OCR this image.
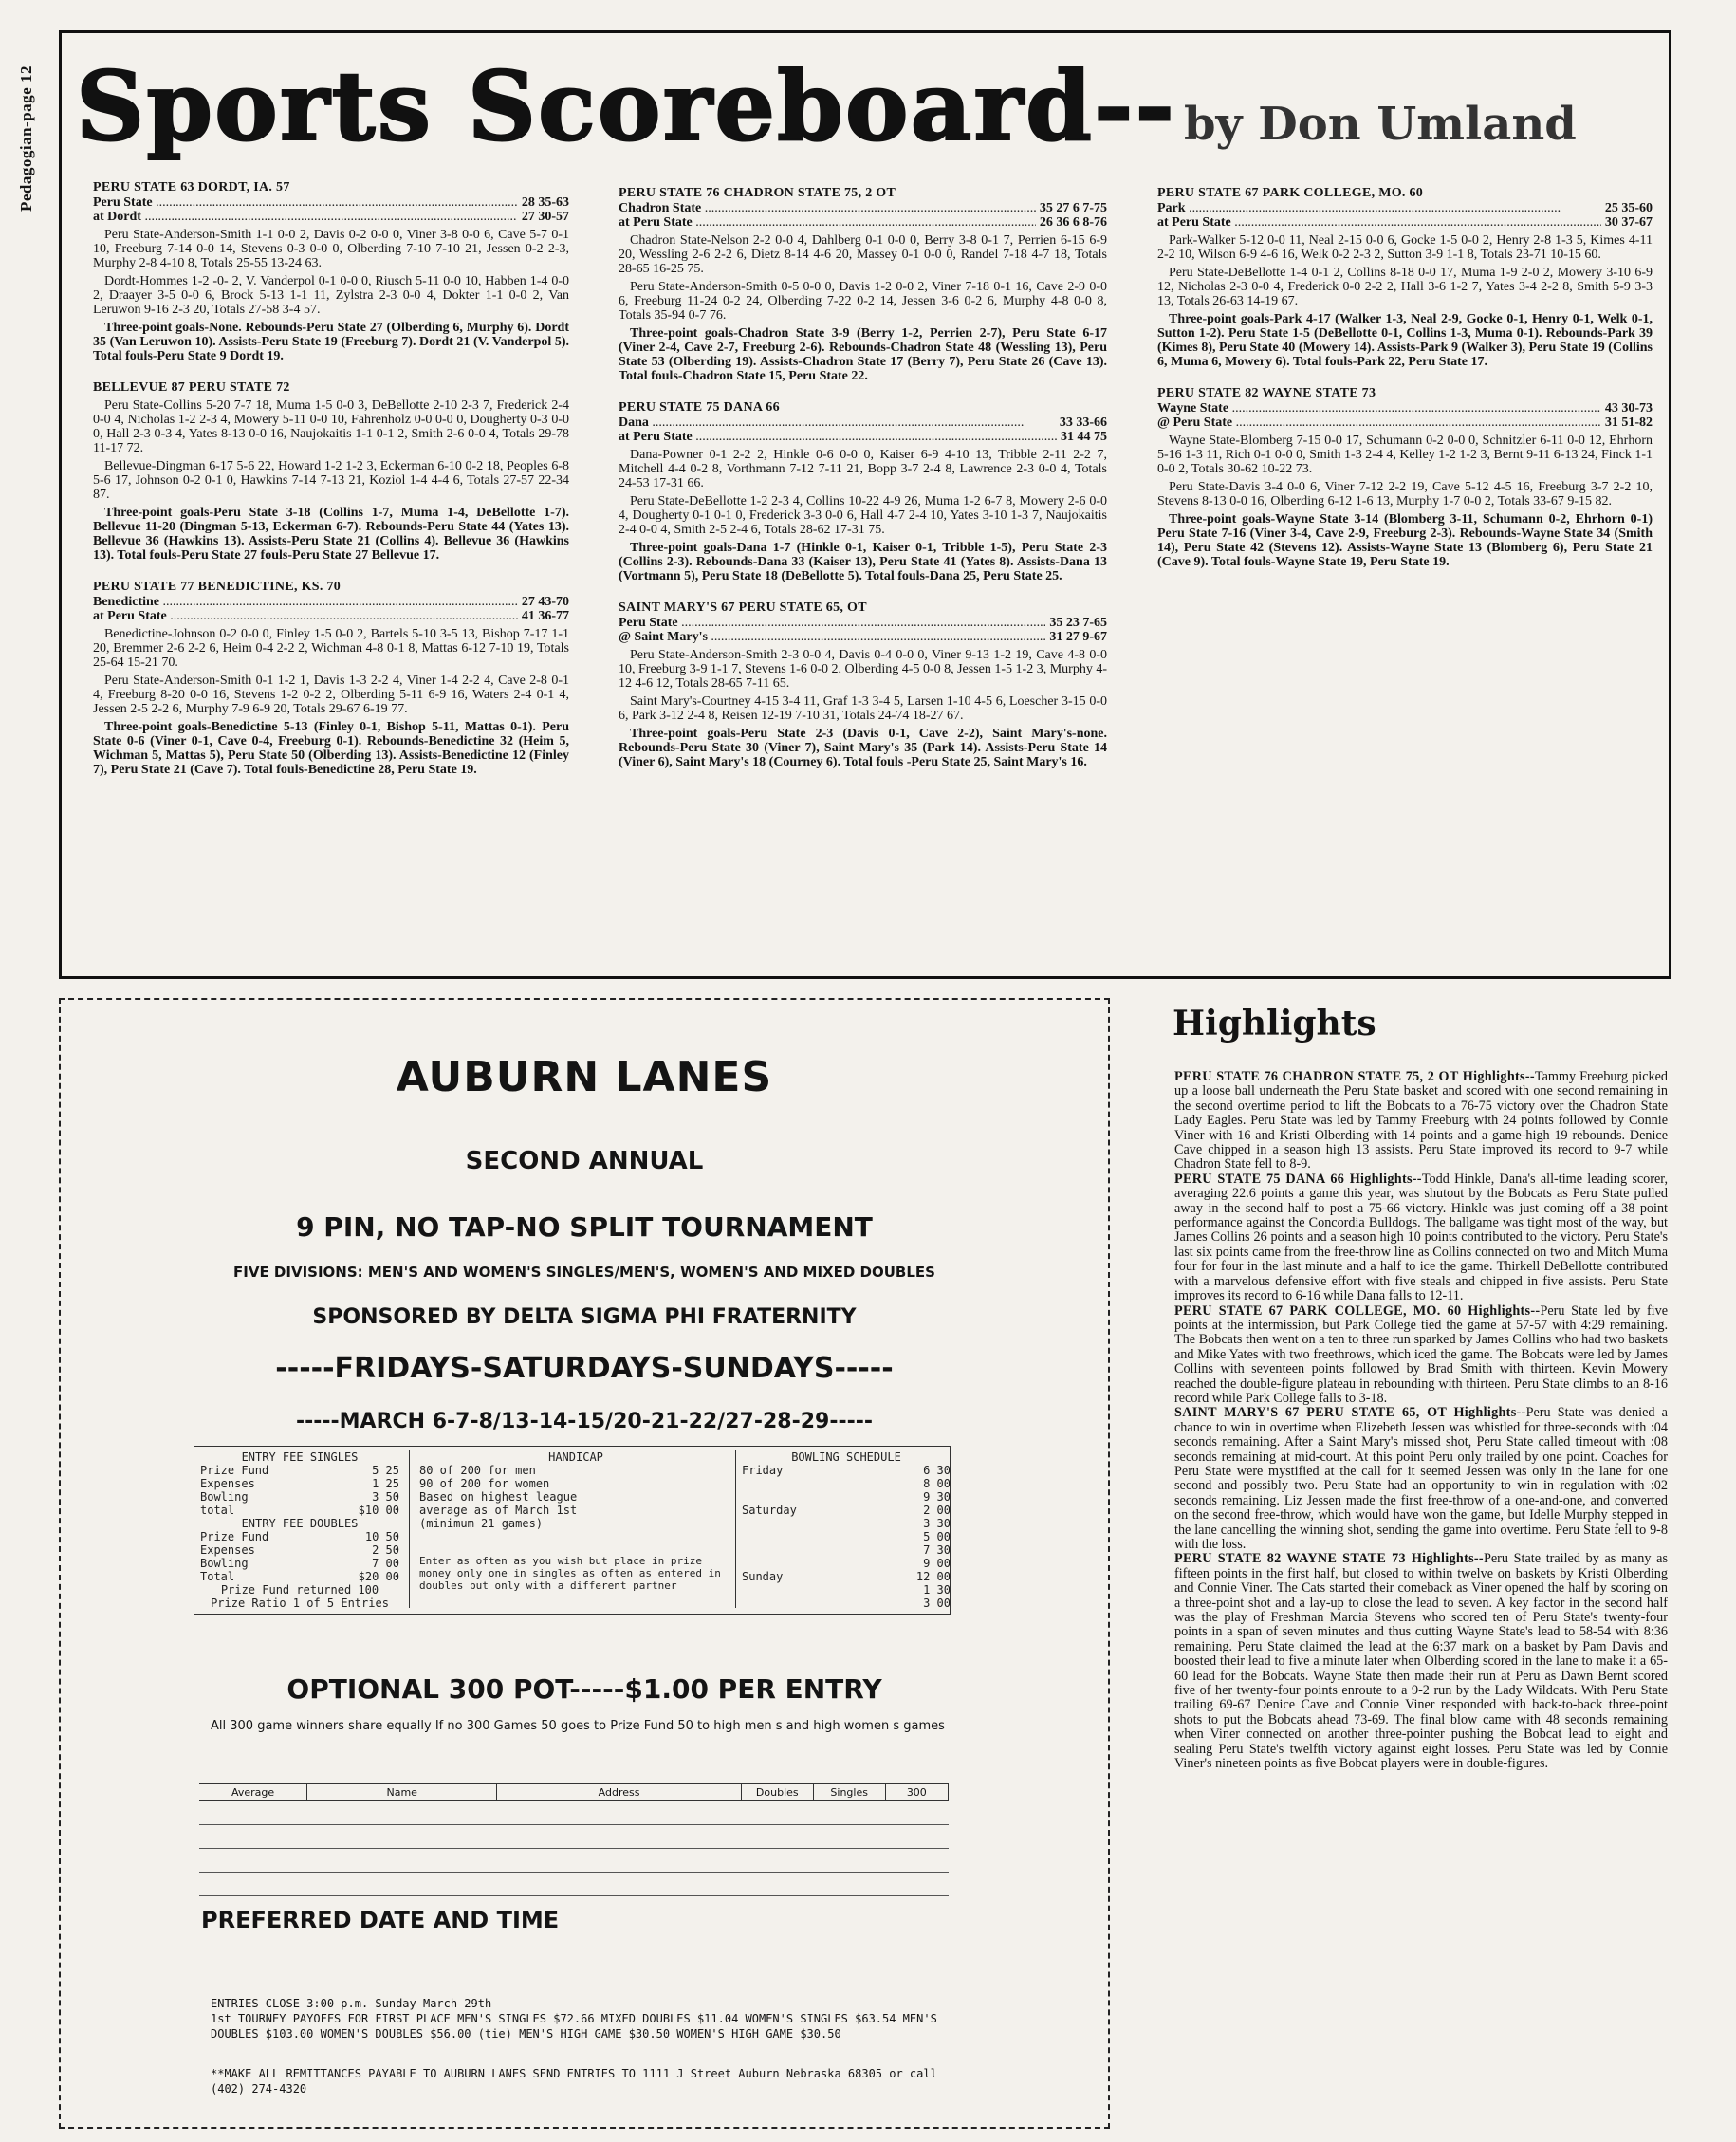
Pedagogian-page 12 Sports Scoreboard-- by Don Umland
PERU STATE 63 DORDT, IA. 57
Peru State .....	28 35-63
at Dordt .....	27 30-57

Peru State-Anderson-Smith 1-1 0-0 2, Davis 0-2 0-0 0, Viner 3-8 0-0 6, Cave 5-7 0-1 10, Freeburg 7-14 0-0 14, Stevens 0-3 0-0 0, Olberding 7-10 7-10 21, Jessen 0-2 2-3, Murphy 2-8 4-10 8, Totals 25-55 13-24 63.

Dordt-Hommes 1-2 -0- 2, V. Vanderpol 0-1 0-0 0, Riusch 5-11 0-0 10, Habben 1-4 0-0 2, Draayer 3-5 0-0 6, Brock 5-13 1-1 11, Zylstra 2-3 0-0 4, Dokter 1-1 0-0 2, Van Leruwon 9-16 2-3 20, Totals 27-58 3-4 57.

Three-point goals-None. Rebounds-Peru State 27 (Olberding 6, Murphy 6). Dordt 35 (Van Leruwon 10). Assists-Peru State 19 (Freeburg 7). Dordt 21 (V. Vanderpol 5). Total fouls-Peru State 9 Dordt 19.

BELLEVUE 87 PERU STATE 72

Peru State-Collins 5-20 7-7 18, Muma 1-5 0-0 3, DeBellotte 2-10 2-3 7, Frederick 2-4 0-0 4, Nicholas 1-2 2-3 4, Mowery 5-11 0-0 10, Fahrenholz 0-0 0-0 0, Dougherty 0-3 0-0 0, Hall 2-3 0-3 4, Yates 8-13 0-0 16, Naujokaitis 1-1 0-1 2, Smith 2-6 0-0 4, Totals 29-78 11-17 72.

Bellevue-Dingman 6-17 5-6 22, Howard 1-2 1-2 3, Eckerman 6-10 0-2 18, Peoples 6-8 5-6 17, Johnson 0-2 0-1 0, Hawkins 7-14 7-13 21, Koziol 1-4 4-4 6, Totals 27-57 22-34 87.

Three-point goals-Peru State 3-18 (Collins 1-7, Muma 1-4, DeBellotte 1-7). Bellevue 11-20 (Dingman 5-13, Eckerman 6-7). Rebounds-Peru State 44 (Yates 13). Bellevue 36 (Hawkins 13). Assists-Peru State 21 (Collins 4). Bellevue 36 (Hawkins 13). Total fouls-Peru State 27 fouls-Peru State 27 Bellevue 17.

PERU STATE 77 BENEDICTINE, KS. 70
Benedictine .....	27 43-70
at Peru State .....	41 36-77

Benedictine-Johnson 0-2 0-0 0, Finley 1-5 0-0 2, Bartels 5-10 3-5 13, Bishop 7-17 1-1 20, Bremmer 2-6 2-2 6, Heim 0-4 2-2 2, Wichman 4-8 0-1 8, Mattas 6-12 7-10 19, Totals 25-64 15-21 70.

Peru State-Anderson-Smith 0-1 1-2 1, Davis 1-3 2-2 4, Viner 1-4 2-2 4, Cave 2-8 0-1 4, Freeburg 8-20 0-0 16, Stevens 1-2 0-2 2, Olberding 5-11 6-9 16, Waters 2-4 0-1 4, Jessen 2-5 2-2 6, Murphy 7-9 6-9 20, Totals 29-67 6-19 77.

Three-point goals-Benedictine 5-13 (Finley 0-1, Bishop 5-11, Mattas 0-1). Peru State 0-6 (Viner 0-1, Cave 0-4, Freeburg 0-1). Rebounds-Benedictine 32 (Heim 5, Wichman 5, Mattas 5), Peru State 50 (Olberding 13). Assists-Benedictine 12 (Finley 7), Peru State 21 (Cave 7). Total fouls-Benedictine 28, Peru State 19.

PERU STATE 76 CHADRON STATE 75, 2 OT
Chadron State .....	35 27 6 7-75
at Peru State .....	26 36 6 8-76

Chadron State-Nelson 2-2 0-0 4, Dahlberg 0-1 0-0 0, Berry 3-8 0-1 7, Perrien 6-15 6-9 20, Wessling 2-6 2-2 6, Dietz 8-14 4-6 20, Massey 0-1 0-0 0, Randel 7-18 4-7 18, Totals 28-65 16-25 75.

Peru State-Anderson-Smith 0-5 0-0 0, Davis 1-2 0-0 2, Viner 7-18 0-1 16, Cave 2-9 0-0 6, Freeburg 11-24 0-2 24, Olberding 7-22 0-2 14, Jessen 3-6 0-2 6, Murphy 4-8 0-0 8, Totals 35-94 0-7 76.

Three-point goals-Chadron State 3-9 (Berry 1-2, Perrien 2-7), Peru State 6-17 (Viner 2-4, Cave 2-7, Freeburg 2-6). Rebounds-Chadron State 48 (Wessling 13), Peru State 53 (Olberding 19). Assists-Chadron State 17 (Berry 7), Peru State 26 (Cave 13). Total fouls-Chadron State 15, Peru State 22.

PERU STATE 75 DANA 66
Dana .....	33 33-66
at Peru State .....	31 44 75

Dana-Powner 0-1 2-2 2, Hinkle 0-6 0-0 0, Kaiser 6-9 4-10 13, Tribble 2-11 2-2 7, Mitchell 4-4 0-2 8, Vorthmann 7-12 7-11 21, Bopp 3-7 2-4 8, Lawrence 2-3 0-0 4, Totals 24-53 17-31 66.

Peru State-DeBellotte 1-2 2-3 4, Collins 10-22 4-9 26, Muma 1-2 6-7 8, Mowery 2-6 0-0 4, Dougherty 0-1 0-1 0, Frederick 3-3 0-0 6, Hall 4-7 2-4 10, Yates 3-10 1-3 7, Naujokaitis 2-4 0-0 4, Smith 2-5 2-4 6, Totals 28-62 17-31 75.

Three-point goals-Dana 1-7 (Hinkle 0-1, Kaiser 0-1, Tribble 1-5), Peru State 2-3 (Collins 2-3). Rebounds-Dana 33 (Kaiser 13), Peru State 41 (Yates 8). Assists-Dana 13 (Vortmann 5), Peru State 18 (DeBellotte 5). Total fouls-Dana 25, Peru State 25.

SAINT MARY'S 67 PERU STATE 65, OT
Peru State .....	35 23 7-65
@ Saint Mary's .....	31 27 9-67

Peru State-Anderson-Smith 2-3 0-0 4, Davis 0-4 0-0 0, Viner 9-13 1-2 19, Cave 4-8 0-0 10, Freeburg 3-9 1-1 7, Stevens 1-6 0-0 2, Olberding 4-5 0-0 8, Jessen 1-5 1-2 3, Murphy 4-12 4-6 12, Totals 28-65 7-11 65.

Saint Mary's-Courtney 4-15 3-4 11, Graf 1-3 3-4 5, Larsen 1-10 4-5 6, Loescher 3-15 0-0 6, Park 3-12 2-4 8, Reisen 12-19 7-10 31, Totals 24-74 18-27 67.

Three-point goals-Peru State 2-3 (Davis 0-1, Cave 2-2), Saint Mary's-none. Rebounds-Peru State 30 (Viner 7), Saint Mary's 35 (Park 14). Assists-Peru State 14 (Viner 6), Saint Mary's 18 (Courney 6). Total fouls -Peru State 25, Saint Mary's 16.

PERU STATE 67 PARK COLLEGE, MO. 60
Park .....	25 35-60
at Peru State .....	30 37-67

Park-Walker 5-12 0-0 11, Neal 2-15 0-0 6, Gocke 1-5 0-0 2, Henry 2-8 1-3 5, Kimes 4-11 2-2 10, Wilson 6-9 4-6 16, Welk 0-2 2-3 2, Sutton 3-9 1-1 8, Totals 23-71 10-15 60.

Peru State-DeBellotte 1-4 0-1 2, Collins 8-18 0-0 17, Muma 1-9 2-0 2, Mowery 3-10 6-9 12, Nicholas 2-3 0-0 4, Frederick 0-0 2-2 2, Hall 3-6 1-2 7, Yates 3-4 2-2 8, Smith 5-9 3-3 13, Totals 26-63 14-19 67.

Three-point goals-Park 4-17 (Walker 1-3, Neal 2-9, Gocke 0-1, Henry 0-1, Welk 0-1, Sutton 1-2). Peru State 1-5 (DeBellotte 0-1, Collins 1-3, Muma 0-1). Rebounds-Park 39 (Kimes 8), Peru State 40 (Mowery 14). Assists-Park 9 (Walker 3), Peru State 19 (Collins 6, Muma 6, Mowery 6). Total fouls-Park 22, Peru State 17.

PERU STATE 82 WAYNE STATE 73
Wayne State .....	43 30-73
@ Peru State .....	31 51-82

Wayne State-Blomberg 7-15 0-0 17, Schumann 0-2 0-0 0, Schnitzler 6-11 0-0 12, Ehrhorn 5-16 1-3 11, Rich 0-1 0-0 0, Smith 1-3 2-4 4, Kelley 1-2 1-2 3, Bernt 9-11 6-13 24, Finck 1-1 0-0 2, Totals 30-62 10-22 73.

Peru State-Davis 3-4 0-0 6, Viner 7-12 2-2 19, Cave 5-12 4-5 16, Freeburg 3-7 2-2 10, Stevens 8-13 0-0 16, Olberding 6-12 1-6 13, Murphy 1-7 0-0 2, Totals 33-67 9-15 82.

Three-point goals-Wayne State 3-14 (Blomberg 3-11, Schumann 0-2, Ehrhorn 0-1) Peru State 7-16 (Viner 3-4, Cave 2-9, Freeburg 2-3). Rebounds-Wayne State 34 (Smith 14), Peru State 42 (Stevens 12). Assists-Wayne State 13 (Blomberg 6), Peru State 21 (Cave 9). Total fouls-Wayne State 19, Peru State 19.

AUBURN LANES
SECOND ANNUAL
9 PIN, NO TAP-NO SPLIT TOURNAMENT
FIVE DIVISIONS: MEN'S AND WOMEN'S SINGLES/MEN'S, WOMEN'S AND MIXED DOUBLES
SPONSORED BY DELTA SIGMA PHI FRATERNITY
-----FRIDAYS-SATURDAYS-SUNDAYS-----
-----MARCH 6-7-8/13-14-15/20-21-22/27-28-29-----
ENTRY FEE SINGLES
Prize Fund	5 25
Expenses	1 25
Bowling	3 50
total	$10 00
ENTRY FEE DOUBLES
Prize Fund	10 50
Expenses	2 50
Bowling	7 00
Total	$20 00
Prize Fund returned 100
Prize Ratio 1 of 5 Entries
HANDICAP
80 of 200 for men
90 of 200 for women
Based on highest league
average as of March 1st
(minimum 21 games)
Enter as often as you wish but place in prize money only one in singles as often as entered in doubles but only with a different partner
BOWLING SCHEDULE
Friday	6 30
8 00
9 30
Saturday	2 00
3 30
5 00
7 30
9 00
Sunday	12 00
1 30
3 00
OPTIONAL 300 POT-----$1.00 PER ENTRY
All 300 game winners share equally If no 300 Games 50 goes to Prize Fund 50 to high men s and high women s games
Average	Name	Address	Doubles	Singles	300
PREFERRED DATE AND TIME
ENTRIES CLOSE 3:00 p.m. Sunday March 29th
1st TOURNEY PAYOFFS FOR FIRST PLACE MEN'S SINGLES $72.66 MIXED DOUBLES $11.04 WOMEN'S SINGLES $63.54 MEN'S DOUBLES $103.00 WOMEN'S DOUBLES $56.00 (tie) MEN'S HIGH GAME $30.50 WOMEN'S HIGH GAME $30.50
**MAKE ALL REMITTANCES PAYABLE TO AUBURN LANES SEND ENTRIES TO 1111 J Street Auburn Nebraska 68305 or call (402) 274-4320
Highlights

PERU STATE 76 CHADRON STATE 75, 2 OT Highlights--Tammy Freeburg picked up a loose ball underneath the Peru State basket and scored with one second remaining in the second overtime period to lift the Bobcats to a 76-75 victory over the Chadron State Lady Eagles. Peru State was led by Tammy Freeburg with 24 points followed by Connie Viner with 16 and Kristi Olberding with 14 points and a game-high 19 rebounds. Denice Cave chipped in a season high 13 assists. Peru State improved its record to 9-7 while Chadron State fell to 8-9.

PERU STATE 75 DANA 66 Highlights--Todd Hinkle, Dana's all-time leading scorer, averaging 22.6 points a game this year, was shutout by the Bobcats as Peru State pulled away in the second half to post a 75-66 victory. Hinkle was just coming off a 38 point performance against the Concordia Bulldogs. The ballgame was tight most of the way, but James Collins 26 points and a season high 10 points contributed to the victory. Peru State's last six points came from the free-throw line as Collins connected on two and Mitch Muma four for four in the last minute and a half to ice the game. Thirkell DeBellotte contributed with a marvelous defensive effort with five steals and chipped in five assists. Peru State improves its record to 6-16 while Dana falls to 12-11.

PERU STATE 67 PARK COLLEGE, MO. 60 Highlights--Peru State led by five points at the intermission, but Park College tied the game at 57-57 with 4:29 remaining. The Bobcats then went on a ten to three run sparked by James Collins who had two baskets and Mike Yates with two freethrows, which iced the game. The Bobcats were led by James Collins with seventeen points followed by Brad Smith with thirteen. Kevin Mowery reached the double-figure plateau in rebounding with thirteen. Peru State climbs to an 8-16 record while Park College falls to 3-18.

SAINT MARY'S 67 PERU STATE 65, OT Highlights--Peru State was denied a chance to win in overtime when Elizebeth Jessen was whistled for three-seconds with :04 seconds remaining. After a Saint Mary's missed shot, Peru State called timeout with :08 seconds remaining at mid-court. At this point Peru only trailed by one point. Coaches for Peru State were mystified at the call for it seemed Jessen was only in the lane for one second and possibly two. Peru State had an opportunity to win in regulation with :02 seconds remaining. Liz Jessen made the first free-throw of a one-and-one, and converted on the second free-throw, which would have won the game, but Idelle Murphy stepped in the lane cancelling the winning shot, sending the game into overtime. Peru State fell to 9-8 with the loss.

PERU STATE 82 WAYNE STATE 73 Highlights--Peru State trailed by as many as fifteen points in the first half, but closed to within twelve on baskets by Kristi Olberding and Connie Viner. The Cats started their comeback as Viner opened the half by scoring on a three-point shot and a lay-up to close the lead to seven. A key factor in the second half was the play of Freshman Marcia Stevens who scored ten of Peru State's twenty-four points in a span of seven minutes and thus cutting Wayne State's lead to 58-54 with 8:36 remaining. Peru State claimed the lead at the 6:37 mark on a basket by Pam Davis and boosted their lead to five a minute later when Olberding scored in the lane to make it a 65-60 lead for the Bobcats. Wayne State then made their run at Peru as Dawn Bernt scored five of her twenty-four points enroute to a 9-2 run by the Lady Wildcats. With Peru State trailing 69-67 Denice Cave and Connie Viner responded with back-to-back three-point shots to put the Bobcats ahead 73-69. The final blow came with 48 seconds remaining when Viner connected on another three-pointer pushing the Bobcat lead to eight and sealing Peru State's twelfth victory against eight losses. Peru State was led by Connie Viner's nineteen points as five Bobcat players were in double-figures.
